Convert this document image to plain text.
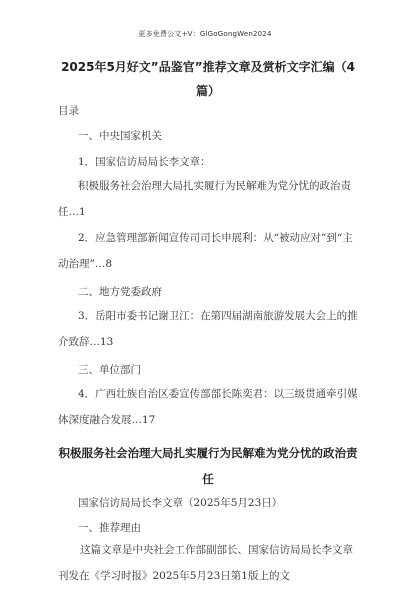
更多免费公文+V：GlGoGongWen2024
2025年5月好文”品鉴官”推荐文章及赏析文字汇编（4篇）
目录
一、中央国家机关
1．国家信访局局长李文章：
积极服务社会治理大局扎实履行为民解难为党分忧的政治责任…1
2．应急管理部新闻宣传司司长申展利：从“被动应对”到“主动治理”…8
二、地方党委政府
3．岳阳市委书记谢卫江：在第四届湖南旅游发展大会上的推介致辞…13
三、单位部门
4．广西壮族自治区委宣传部部长陈奕君：以三级贯通牵引媒体深度融合发展…17
积极服务社会治理大局扎实履行为民解难为党分忧的政治责任
国家信访局局长李文章（2025年5月23日）
一、推荐理由
这篇文章是中央社会工作部副部长、国家信访局局长李文章刊发在《学习时报》2025年5月23日第1版上的文
